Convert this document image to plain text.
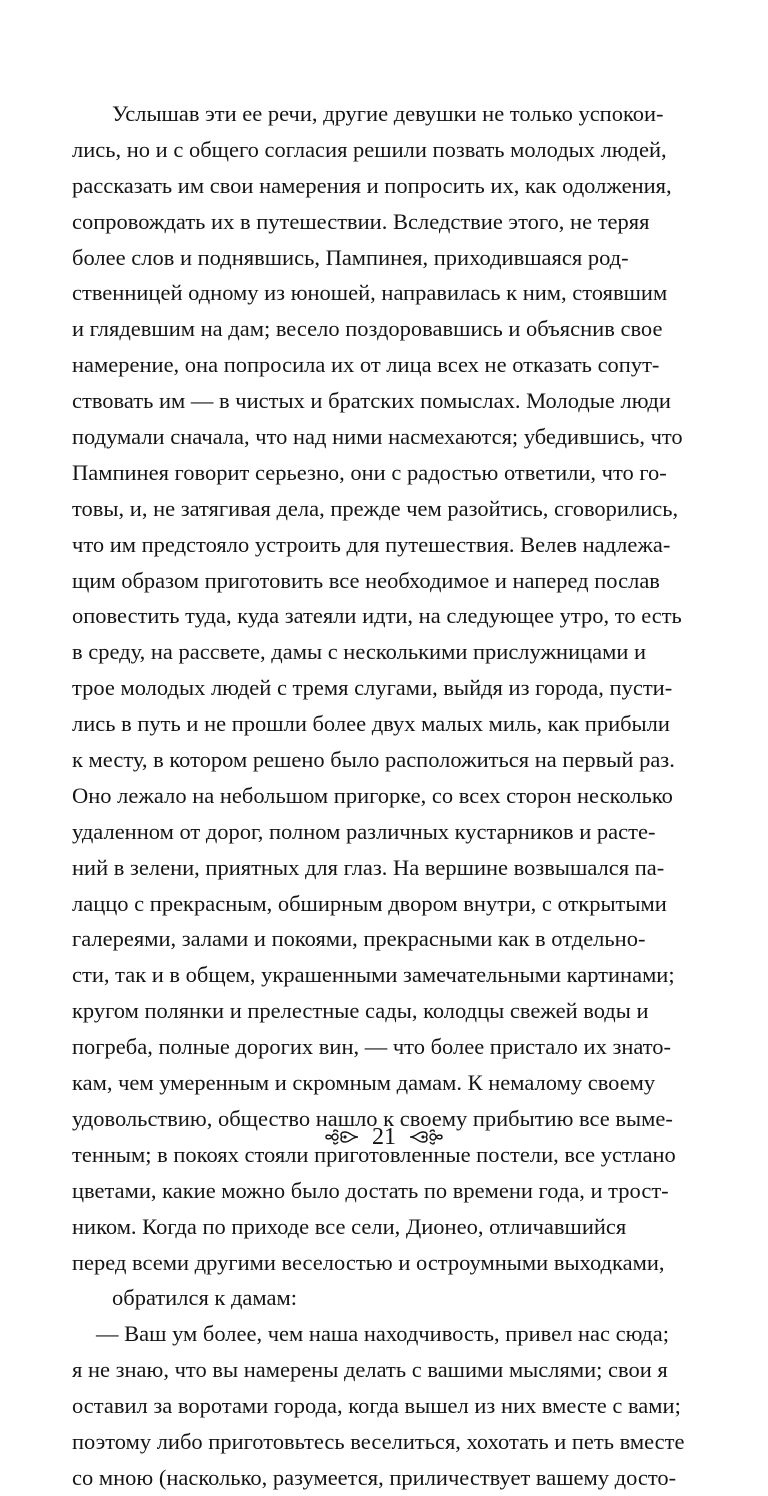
Услышав эти ее речи, другие девушки не только успокои-
лись, но и с общего согласия решили позвать молодых людей,
рассказать им свои намерения и попросить их, как одолжения,
сопровождать их в путешествии. Вследствие этого, не теряя
более слов и поднявшись, Пампинея, приходившаяся род-
ственницей одному из юношей, направилась к ним, стоявшим
и глядевшим на дам; весело поздоровавшись и объяснив свое
намерение, она попросила их от лица всех не отказать сопут-
ствовать им — в чистых и братских помыслах. Молодые люди
подумали сначала, что над ними насмехаются; убедившись, что
Пампинея говорит серьезно, они с радостью ответили, что го-
товы, и, не затягивая дела, прежде чем разойтись, сговорились,
что им предстояло устроить для путешествия. Велев надлежа-
щим образом приготовить все необходимое и наперед послав
оповестить туда, куда затеяли идти, на следующее утро, то есть
в среду, на рассвете, дамы с несколькими прислужницами и
трое молодых людей с тремя слугами, выйдя из города, пусти-
лись в путь и не прошли более двух малых миль, как прибыли
к месту, в котором решено было расположиться на первый раз.
Оно лежало на небольшом пригорке, со всех сторон несколько
удаленном от дорог, полном различных кустарников и расте-
ний в зелени, приятных для глаз. На вершине возвышался па-
лаццо с прекрасным, обширным двором внутри, с открытыми
галереями, залами и покоями, прекрасными как в отдельно-
сти, так и в общем, украшенными замечательными картинами;
кругом полянки и прелестные сады, колодцы свежей воды и
погреба, полные дорогих вин, — что более пристало их знато-
кам, чем умеренным и скромным дамам. К немалому своему
удовольствию, общество нашло к своему прибытию все выме-
тенным; в покоях стояли приготовленные постели, все устлано
цветами, какие можно было достать по времени года, и трост-
ником. Когда по приходе все сели, Дионео, отличавшийся
перед всеми другими веселостью и остроумными выходками,
обратился к дамам:
— Ваш ум более, чем наша находчивость, привел нас сюда;
я не знаю, что вы намерены делать с вашими мыслями; свои я
оставил за воротами города, когда вышел из них вместе с вами;
поэтому либо приготовьтесь веселиться, хохотать и петь вместе
со мною (насколько, разумеется, приличествует вашему досто-
21
